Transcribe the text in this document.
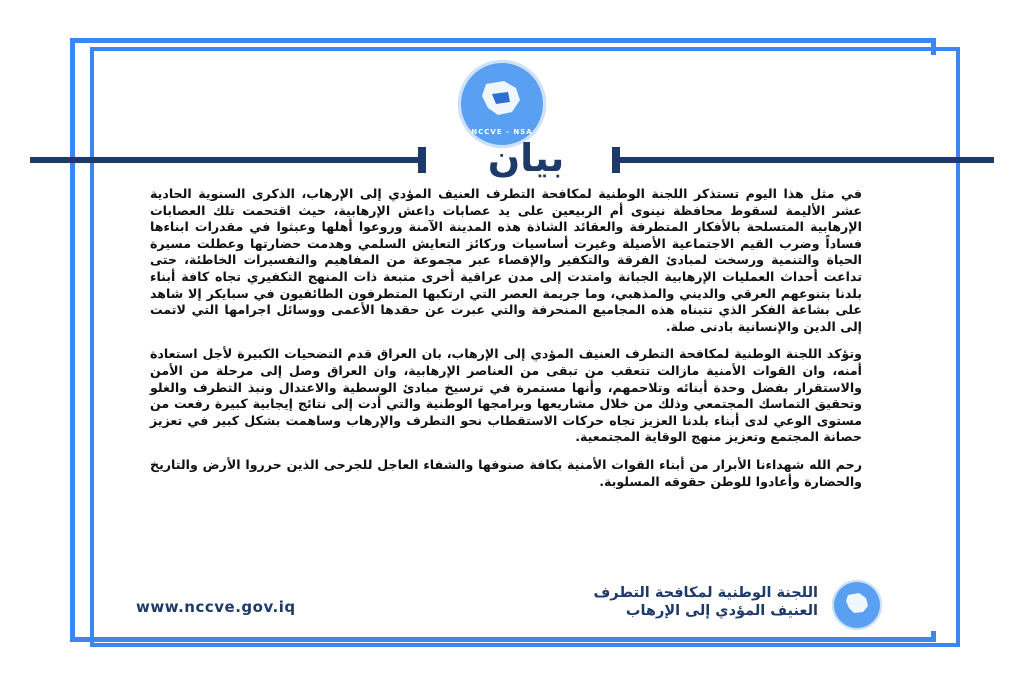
NCCVE - NSA
بيان

في مثل هذا اليوم تستذكر اللجنة الوطنية لمكافحة التطرف العنيف المؤدي إلى الإرهاب، الذكرى السنوية الحادية عشر الأليمة لسقوط محافظة نينوى أم الربيعين على يد عصابات داعش الإرهابية، حيث اقتحمت تلك العصابات الإرهابية المتسلحة بالأفكار المتطرفة والعقائد الشاذة هذه المدينة الآمنة وروعوا أهلها وعبثوا في مقدرات ابناءها فساداً وضرب القيم الاجتماعية الأصيلة وغيرت أساسيات وركائز التعايش السلمي وهدمت حضارتها وعطلت مسيرة الحياة والتنمية ورسخت لمبادئ الفرقة والتكفير والإقصاء عبر مجموعة من المفاهيم والتفسيرات الخاطئة، حتى تداعت أحداث العمليات الإرهابية الجبانة وامتدت إلى مدن عراقية أخرى متبعة ذات المنهج التكفيري تجاه كافة أبناء بلدنا بتنوعهم العرقي والديني والمذهبي، وما جريمة العصر التي ارتكبها المتطرفون الطائفيون في سبايكر إلا شاهد على بشاعة الفكر الذي تتبناه هذه المجاميع المنحرفة والتي عبرت عن حقدها الأعمى ووسائل اجرامها التي لاتمت إلى الدين والإنسانية بادنى صلة.

وتؤكد اللجنة الوطنية لمكافحة التطرف العنيف المؤدي إلى الإرهاب، بان العراق قدم التضحيات الكبيرة لأجل استعادة أمنه، وان القوات الأمنية مازالت تتعقب من تبقى من العناصر الإرهابية، وان العراق وصل إلى مرحلة من الأمن والاستقرار بفضل وحدة أبنائه وتلاحمهم، وأنها مستمرة في ترسيخ مبادئ الوسطية والاعتدال ونبذ التطرف والغلو وتحقيق التماسك المجتمعي وذلك من خلال مشاريعها وبرامجها الوطنية والتي أدت إلى نتائج إيجابية كبيرة رفعت من مستوى الوعي لدى أبناء بلدنا العزيز تجاه حركات الاستقطاب نحو التطرف والإرهاب وساهمت بشكل كبير في تعزيز حصانة المجتمع وتعزيز منهج الوقاية المجتمعية.

رحم الله شهداءنا الأبرار من أبناء القوات الأمنية بكافة صنوفها والشفاء العاجل للجرحى الذين حرروا الأرض والتاريخ والحضارة وأعادوا للوطن حقوقه المسلوبة.

www.nccve.gov.iq
اللجنة الوطنية لمكافحة التطرف
العنيف المؤدي إلى الإرهاب
